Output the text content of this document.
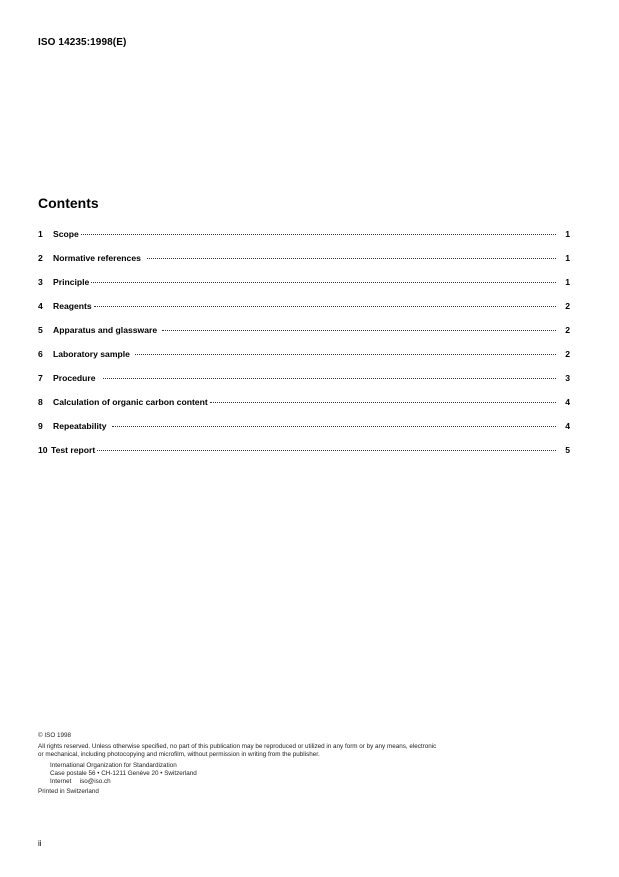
ISO 14235:1998(E)
Contents
1	Scope	1
2	Normative references	1
3	Principle	1
4	Reagents	2
5	Apparatus and glassware	2
6	Laboratory sample	2
7	Procedure	3
8	Calculation of organic carbon content	4
9	Repeatability	4
10 Test report	5

© ISO 1998

All rights reserved. Unless otherwise specified, no part of this publication may be reproduced or utilized in any form or by any means, electronic

or mechanical, including photocopying and microfilm, without permission in writing from the publisher.

International Organization for Standardization

Case postale 56 • CH-1211 Genève 20 • Switzerland

Internet iso@iso.ch

Printed in Switzerland

ii
